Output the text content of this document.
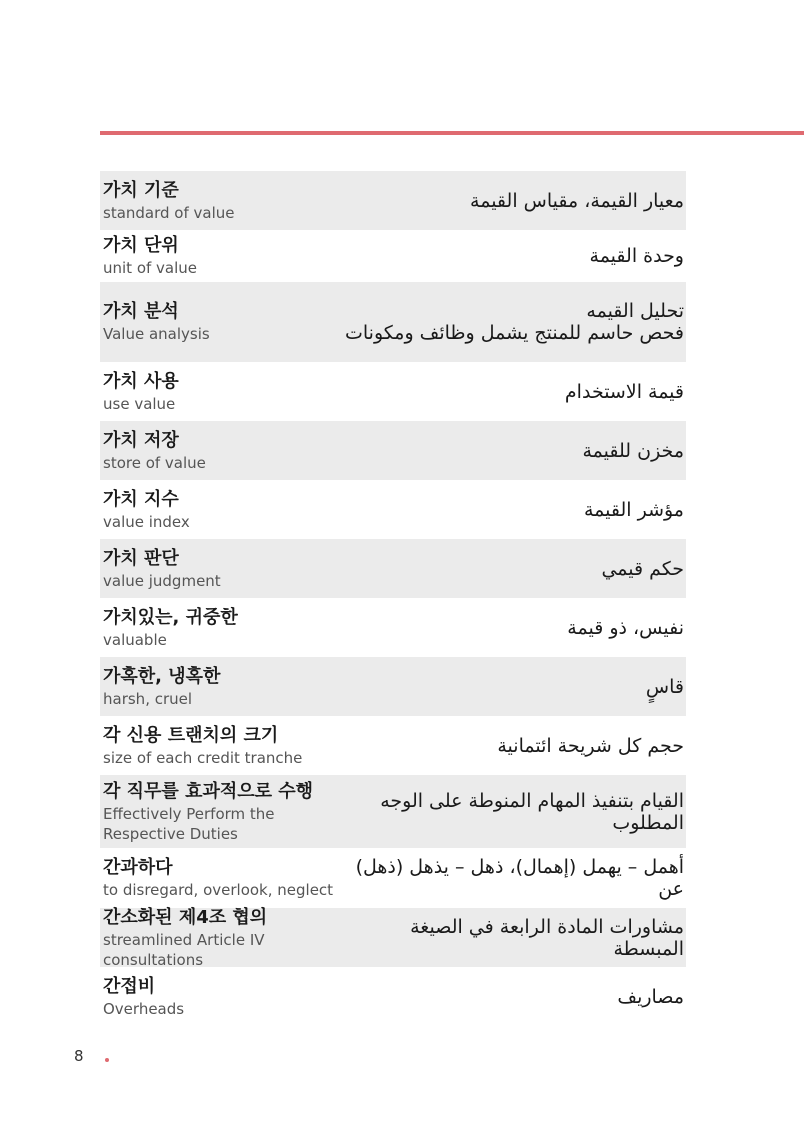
가치 기준
standard of value
معيار القيمة، مقياس القيمة
가치 단위
unit of value
وحدة القيمة
가치 분석
Value analysis
تحليل القيمه
فحص حاسم للمنتج يشمل وظائف ومكونات
가치 사용
use value
قيمة الاستخدام
가치 저장
store of value
مخزن للقيمة
가치 지수
value index
مؤشر القيمة
가치 판단
value judgment
حكم قيمي
가치있는, 귀중한
valuable
نفيس، ذو قيمة
가혹한, 냉혹한
harsh, cruel
قاسٍ
각 신용 트랜치의 크기
size of each credit tranche
حجم كل شريحة ائتمانية
각 직무를 효과적으로 수행
Effectively Perform the Respective Duties
القيام بتنفيذ المهام المنوطة على الوجه المطلوب
간과하다
to disregard, overlook, neglect
أهمل – يهمل (إهمال)، ذهل – يذهل (ذهل) عن
간소화된 제4조 협의
streamlined Article IV consultations
مشاورات المادة الرابعة في الصيغة المبسطة
간접비
Overheads
مصاريف
8
